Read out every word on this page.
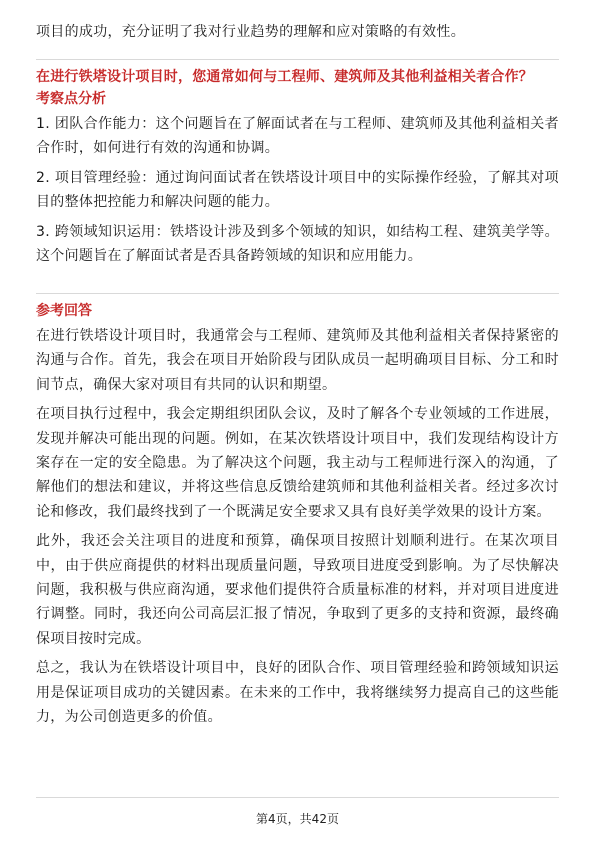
项目的成功，充分证明了我对行业趋势的理解和应对策略的有效性。

在进行铁塔设计项目时，您通常如何与工程师、建筑师及其他利益相关者合作？

考察点分析

1. 团队合作能力：这个问题旨在了解面试者在与工程师、建筑师及其他利益相关者合作时，如何进行有效的沟通和协调。

2. 项目管理经验：通过询问面试者在铁塔设计项目中的实际操作经验，了解其对项目的整体把控能力和解决问题的能力。

3. 跨领域知识运用：铁塔设计涉及到多个领域的知识，如结构工程、建筑美学等。这个问题旨在了解面试者是否具备跨领域的知识和应用能力。

参考回答

在进行铁塔设计项目时，我通常会与工程师、建筑师及其他利益相关者保持紧密的沟通与合作。首先，我会在项目开始阶段与团队成员一起明确项目目标、分工和时间节点，确保大家对项目有共同的认识和期望。

在项目执行过程中，我会定期组织团队会议，及时了解各个专业领域的工作进展，发现并解决可能出现的问题。例如，在某次铁塔设计项目中，我们发现结构设计方案存在一定的安全隐患。为了解决这个问题，我主动与工程师进行深入的沟通，了解他们的想法和建议，并将这些信息反馈给建筑师和其他利益相关者。经过多次讨论和修改，我们最终找到了一个既满足安全要求又具有良好美学效果的设计方案。

此外，我还会关注项目的进度和预算，确保项目按照计划顺利进行。在某次项目中，由于供应商提供的材料出现质量问题，导致项目进度受到影响。为了尽快解决问题，我积极与供应商沟通，要求他们提供符合质量标准的材料，并对项目进度进行调整。同时，我还向公司高层汇报了情况，争取到了更多的支持和资源，最终确保项目按时完成。

总之，我认为在铁塔设计项目中，良好的团队合作、项目管理经验和跨领域知识运用是保证项目成功的关键因素。在未来的工作中，我将继续努力提高自己的这些能力，为公司创造更多的价值。

第4页，共42页
